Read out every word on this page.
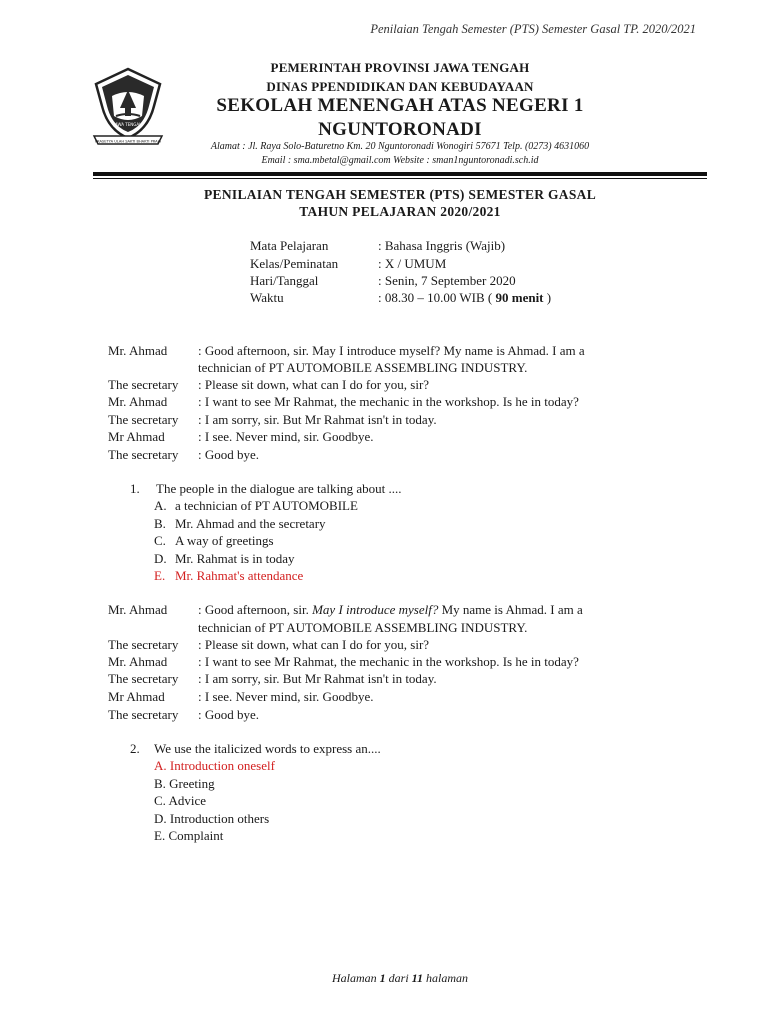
Penilaian Tengah Semester (PTS) Semester Gasal TP. 2020/2021
JAWA TENGAH
PRASETYA ULAH SAKTI BHAKTI PRAJA
PEMERINTAH PROVINSI JAWA TENGAH
DINAS PPENDIDIKAN DAN KEBUDAYAAN
SEKOLAH MENENGAH ATAS NEGERI 1
NGUNTORONADI
Alamat : Jl. Raya Solo-Baturetno Km. 20 Nguntoronadi Wonogiri 57671 Telp. (0273) 4631060
Email : sma.mbetal@gmail.com Website : sman1nguntoronadi.sch.id
PENILAIAN TENGAH SEMESTER (PTS) SEMESTER GASAL
TAHUN PELAJARAN 2020/2021
Mata Pelajaran	: Bahasa Inggris (Wajib)
Kelas/Peminatan	: X / UMUM
Hari/Tanggal	: Senin, 7 September 2020
Waktu	: 08.30 – 10.00 WIB ( 90 menit )
Mr. Ahmad : Good afternoon, sir. May I introduce myself? My name is Ahmad. I am a
technician of PT AUTOMOBILE ASSEMBLING INDUSTRY.
The secretary : Please sit down, what can I do for you, sir?
Mr. Ahmad : I want to see Mr Rahmat, the mechanic in the workshop. Is he in today?
The secretary : I am sorry, sir. But Mr Rahmat isn't in today.
Mr Ahmad	: I see. Never mind, sir. Goodbye.
The secretary : Good bye.
1. The people in the dialogue are talking about ....
A. a technician of PT AUTOMOBILE
B. Mr. Ahmad and the secretary
C. A way of greetings
D. Mr. Rahmat is in today
E. Mr. Rahmat's attendance
Mr. Ahmad : Good afternoon, sir. May I introduce myself? My name is Ahmad. I am a
technician of PT AUTOMOBILE ASSEMBLING INDUSTRY.
The secretary : Please sit down, what can I do for you, sir?
Mr. Ahmad : I want to see Mr Rahmat, the mechanic in the workshop. Is he in today?
The secretary : I am sorry, sir. But Mr Rahmat isn't in today.
Mr Ahmad	: I see. Never mind, sir. Goodbye.
The secretary : Good bye.
2. We use the italicized words to express an....
A. Introduction oneself
B. Greeting
C. Advice
D. Introduction others
E. Complaint
Halaman 1 dari 11 halaman
